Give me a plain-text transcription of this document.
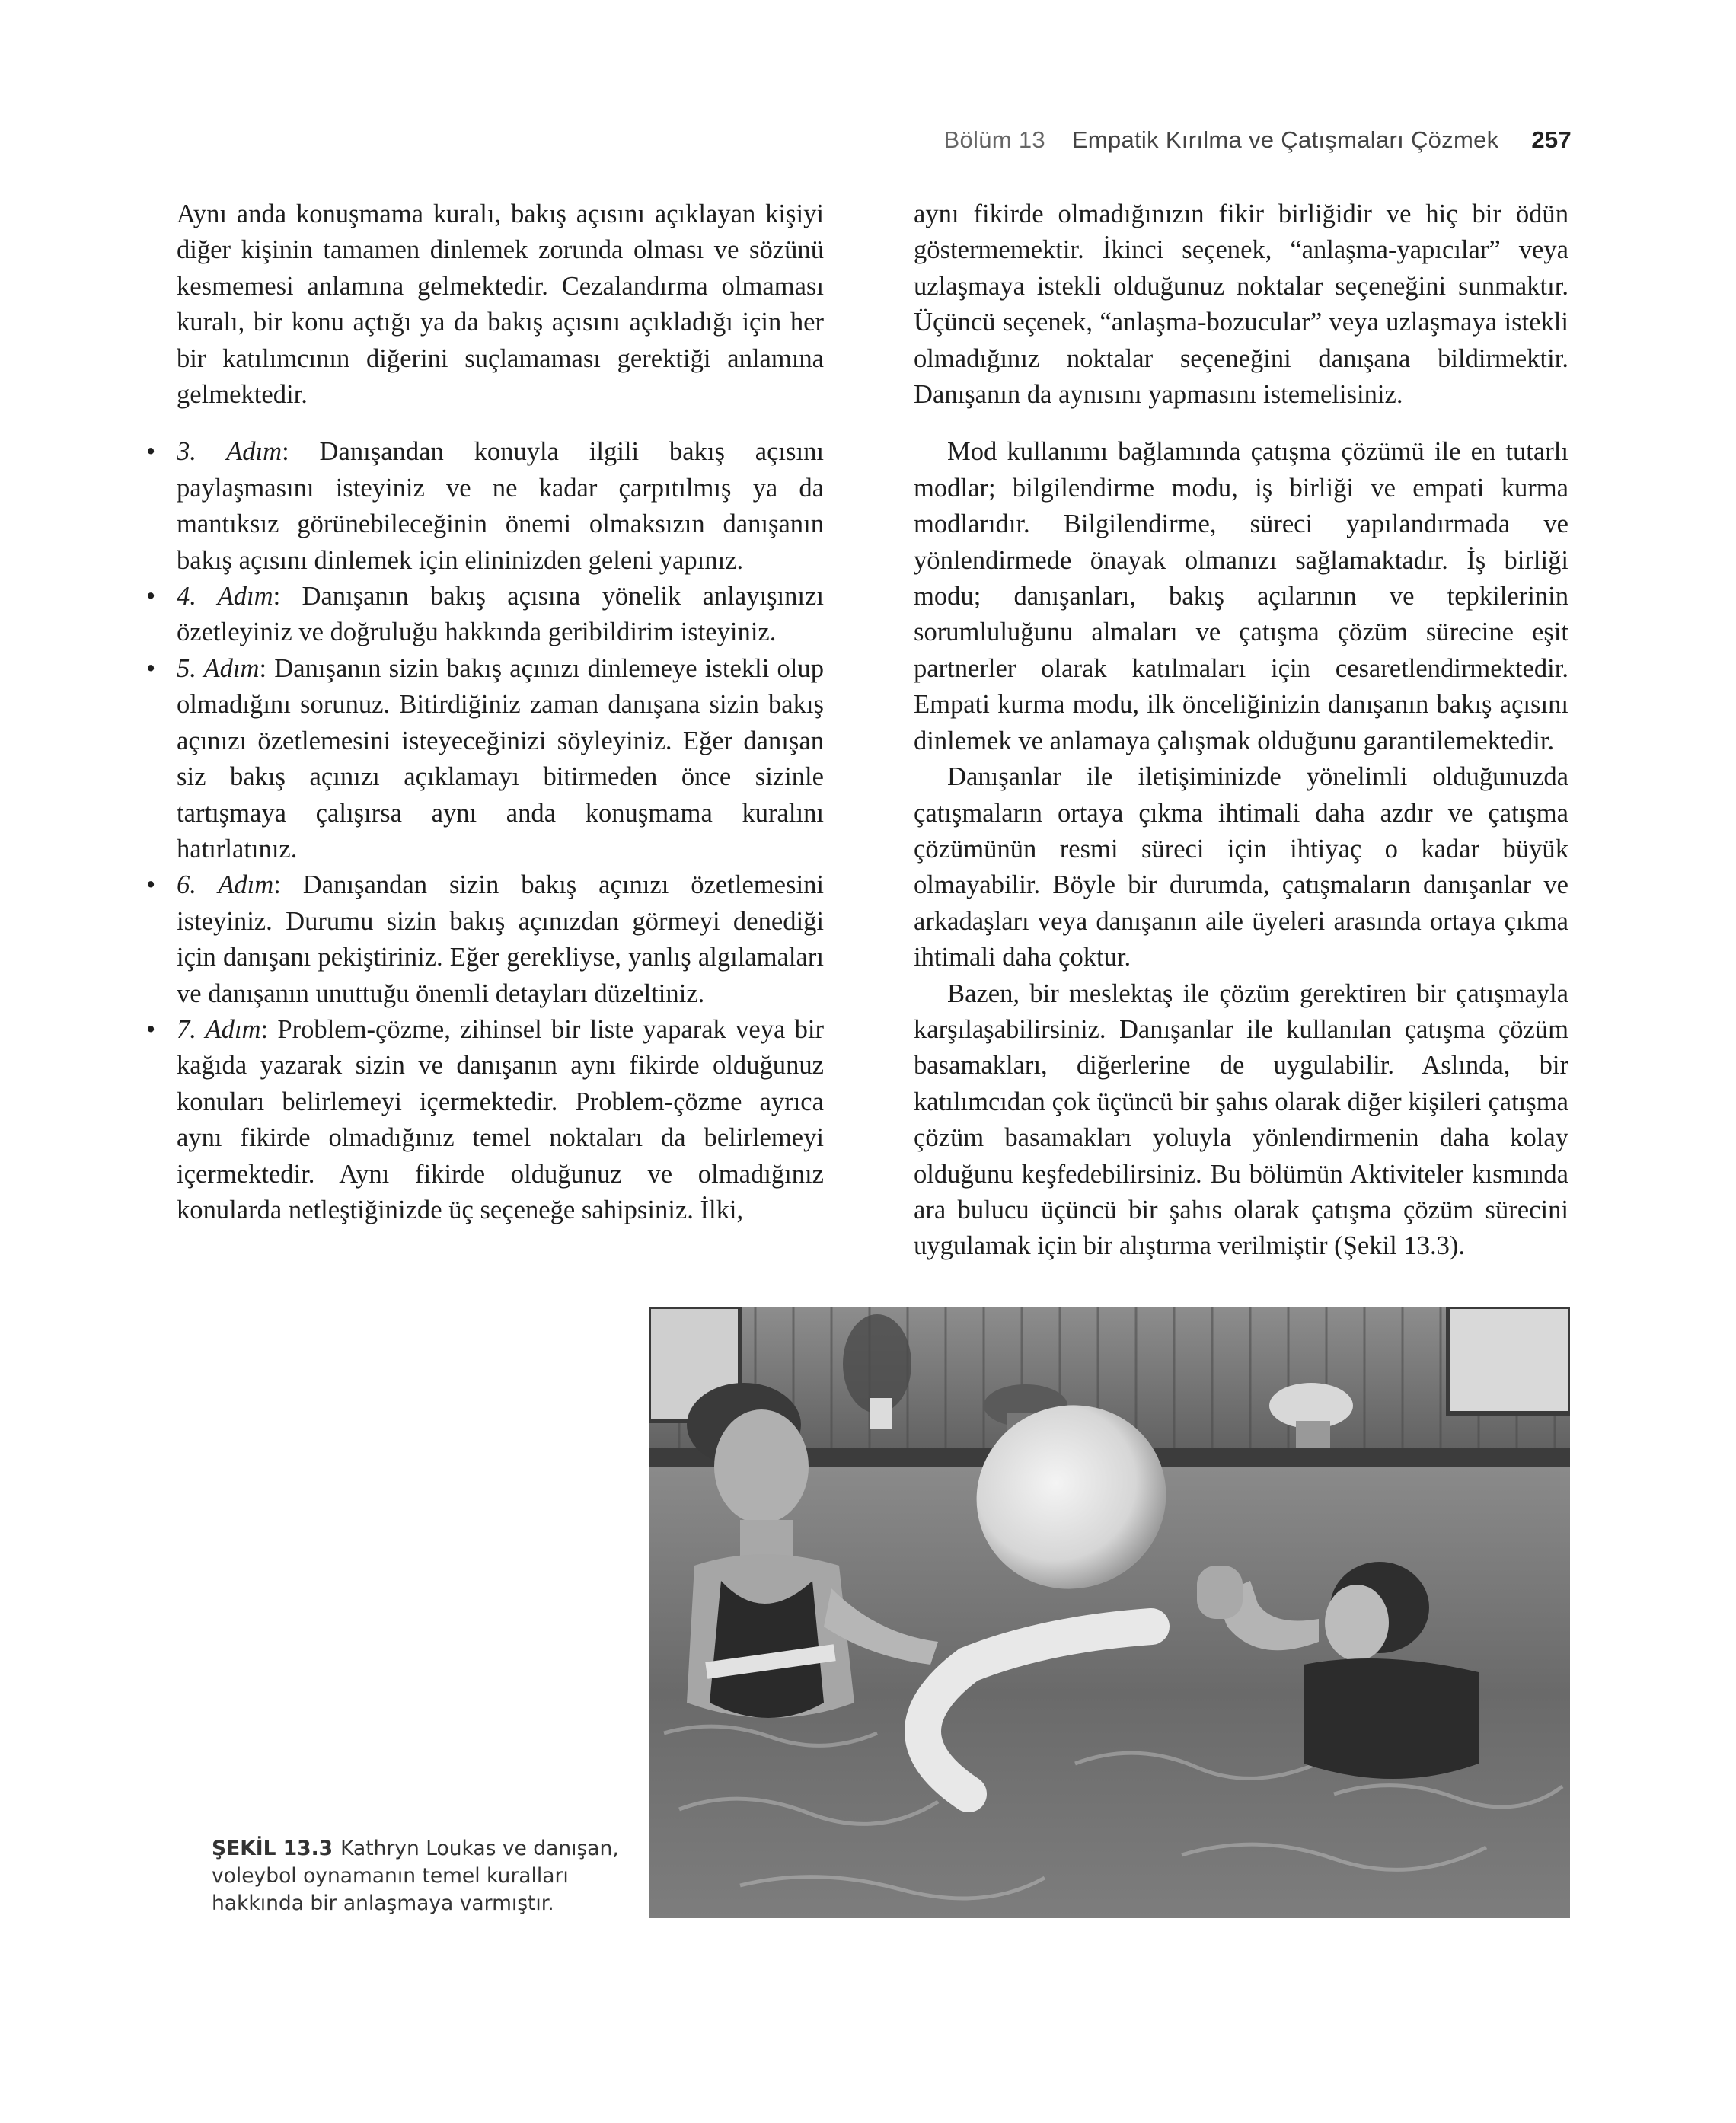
Bölüm 13 Empatik Kırılma ve Çatışmaları Çözmek 257

Aynı anda konuşmama kuralı, bakış açısını açıklayan kişiyi diğer kişinin tamamen dinlemek zorunda olması ve sözünü kesmemesi anlamına gelmektedir. Cezalandırma olmaması kuralı, bir konu açtığı ya da bakış açısını açıkladığı için her bir katılımcının diğerini suçlamaması gerektiği anlamına gelmektedir.

• 3. Adım: Danışandan konuyla ilgili bakış açısını paylaşmasını isteyiniz ve ne kadar çarpıtılmış ya da mantıksız görünebileceğinin önemi olmaksızın danışanın bakış açısını dinlemek için elininizden geleni yapınız.
• 4. Adım: Danışanın bakış açısına yönelik anlayışınızı özetleyiniz ve doğruluğu hakkında geribildirim isteyiniz.
• 5. Adım: Danışanın sizin bakış açınızı dinlemeye istekli olup olmadığını sorunuz. Bitirdiğiniz zaman danışana sizin bakış açınızı özetlemesini isteyeceğinizi söyleyiniz. Eğer danışan siz bakış açınızı açıklamayı bitirmeden önce sizinle tartışmaya çalışırsa aynı anda konuşmama kuralını hatırlatınız.
• 6. Adım: Danışandan sizin bakış açınızı özetlemesini isteyiniz. Durumu sizin bakış açınızdan görmeyi denediği için danışanı pekiştiriniz. Eğer gerekliyse, yanlış algılamaları ve danışanın unuttuğu önemli detayları düzeltiniz.
• 7. Adım: Problem-çözme, zihinsel bir liste yaparak veya bir kağıda yazarak sizin ve danışanın aynı fikirde olduğunuz konuları belirlemeyi içermektedir. Problem-çözme ayrıca aynı fikirde olmadığınız temel noktaları da belirlemeyi içermektedir. Aynı fikirde olduğunuz ve olmadığınız konularda netleştiğinizde üç seçeneğe sahipsiniz. İlki,

aynı fikirde olmadığınızın fikir birliğidir ve hiç bir ödün göstermemektir. İkinci seçenek, “anlaşma-yapıcılar” veya uzlaşmaya istekli olduğunuz noktalar seçeneğini sunmaktır. Üçüncü seçenek, “anlaşma-bozucular” veya uzlaşmaya istekli olmadığınız noktalar seçeneğini danışana bildirmektir. Danışanın da aynısını yapmasını istemelisiniz.

Mod kullanımı bağlamında çatışma çözümü ile en tutarlı modlar; bilgilendirme modu, iş birliği ve empati kurma modlarıdır. Bilgilendirme, süreci yapılandırmada ve yönlendirmede önayak olmanızı sağlamaktadır. İş birliği modu; danışanları, bakış açılarının ve tepkilerinin sorumluluğunu almaları ve çatışma çözüm sürecine eşit partnerler olarak katılmaları için cesaretlendirmektedir. Empati kurma modu, ilk önceliğinizin danışanın bakış açısını dinlemek ve anlamaya çalışmak olduğunu garantilemektedir.

Danışanlar ile iletişiminizde yönelimli olduğunuzda çatışmaların ortaya çıkma ihtimali daha azdır ve çatışma çözümünün resmi süreci için ihtiyaç o kadar büyük olmayabilir. Böyle bir durumda, çatışmaların danışanlar ve arkadaşları veya danışanın aile üyeleri arasında ortaya çıkma ihtimali daha çoktur.

Bazen, bir meslektaş ile çözüm gerektiren bir çatışmayla karşılaşabilirsiniz. Danışanlar ile kullanılan çatışma çözüm basamakları, diğerlerine de uygulabilir. Aslında, bir katılımcıdan çok üçüncü bir şahıs olarak diğer kişileri çatışma çözüm basamakları yoluyla yönlendirmenin daha kolay olduğunu keşfedebilirsiniz. Bu bölümün Aktiviteler kısmında ara bulucu üçüncü bir şahıs olarak çatışma çözüm sürecini uygulamak için bir alıştırma verilmiştir (Şekil 13.3).

ŞEKİL 13.3 Kathryn Loukas ve danışan, voleybol oynamanın temel kuralları hakkında bir anlaşmaya varmıştır.
